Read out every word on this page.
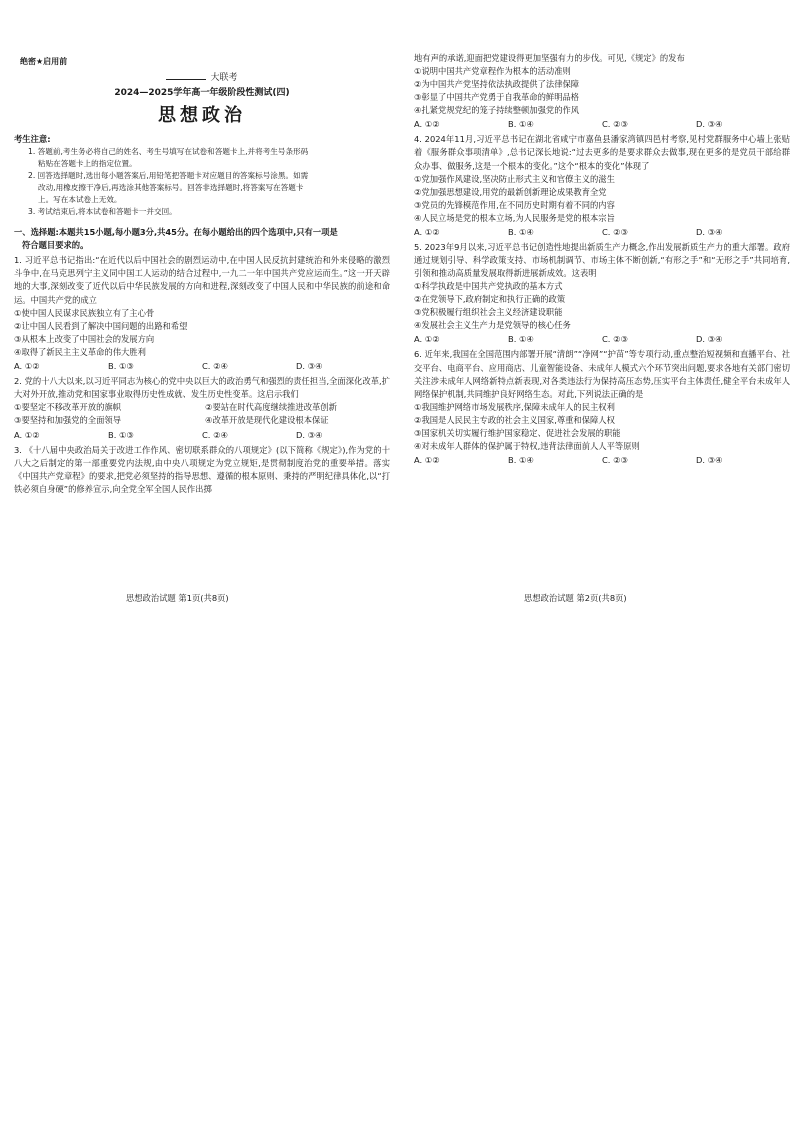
绝密★启用前
大联考
2024—2025学年高一年级阶段性测试(四)
思想政治
考生注意:
1. 答题前,考生务必将自己的姓名、考生号填写在试卷和答题卡上,并将考生号条形码
粘贴在答题卡上的指定位置。
2. 回答选择题时,选出每小题答案后,用铅笔把答题卡对应题目的答案标号涂黑。如需
改动,用橡皮擦干净后,再选涂其他答案标号。回答非选择题时,将答案写在答题卡
上。写在本试卷上无效。
3. 考试结束后,将本试卷和答题卡一并交回。
一、选择题:本题共15小题,每小题3分,共45分。在每小题给出的四个选项中,只有一项是
符合题目要求的。
1. 习近平总书记指出:“在近代以后中国社会的剧烈运动中,在中国人民反抗封建统治和外来侵略的激烈斗争中,在马克思列宁主义同中国工人运动的结合过程中,一九二一年中国共产党应运而生。”这一开天辟地的大事,深刻改变了近代以后中华民族发展的方向和进程,深刻改变了中国人民和中华民族的前途和命运。中国共产党的成立
①使中国人民谋求民族独立有了主心骨
②让中国人民看到了解决中国问题的出路和希望
③从根本上改变了中国社会的发展方向
④取得了新民主主义革命的伟大胜利
A. ①②	B. ①③	C. ②④	D. ③④
2. 党的十八大以来,以习近平同志为核心的党中央以巨大的政治勇气和强烈的责任担当,全面深化改革,扩大对外开放,推动党和国家事业取得历史性成就、发生历史性变革。这启示我们
①要坚定不移改革开放的旗帜	②要站在时代高度继续推进改革创新
③要坚持和加强党的全面领导	④改革开放是现代化建设根本保证
A. ①②	B. ①③	C. ②④	D. ③④
3. 《十八届中央政治局关于改进工作作风、密切联系群众的八项规定》(以下简称《规定》),作为党的十八大之后制定的第一部重要党内法规,由中央八项规定为党立规矩,是贯彻制度治党的重要举措。落实《中国共产党章程》的要求,把党必须坚持的指导思想、遵循的根本原则、秉持的严明纪律具体化,以“打铁必须自身硬”的修养宣示,向全党全军全国人民作出掷
地有声的承诺,迎面把党建设得更加坚强有力的步伐。可见,《规定》的发布
①说明中国共产党章程作为根本的活动准则
②为中国共产党坚持依法执政提供了法律保障
③彰显了中国共产党勇于自我革命的鲜明品格
④扎紧党规党纪的笼子持续整顿加强党的作风
A. ①②	B. ①④	C. ②③	D. ③④
4. 2024年11月,习近平总书记在湖北省咸宁市嘉鱼县潘家湾镇四邑村考察,见村党群服务中心墙上张贴着《服务群众事项清单》,总书记深长地说:“过去更多的是要求群众去做事,现在更多的是党员干部给群众办事、做服务,这是一个根本的变化。”这个“根本的变化”体现了
①党加强作风建设,坚决防止形式主义和官僚主义的滋生
②党加强思想建设,用党的最新创新理论成果教育全党
③党员的先锋模范作用,在不同历史时期有着不同的内容
④人民立场是党的根本立场,为人民服务是党的根本宗旨
A. ①②	B. ①④	C. ②③	D. ③④
5. 2023年9月以来,习近平总书记创造性地提出新质生产力概念,作出发展新质生产力的重大部署。政府通过规划引导、科学政策支持、市场机制调节、市场主体不断创新,“有形之手”和“无形之手”共同培育,引领和推动高质量发展取得新进展新成效。这表明
①科学执政是中国共产党执政的基本方式
②在党领导下,政府制定和执行正确的政策
③党积极履行组织社会主义经济建设职能
④发展社会主义生产力是党领导的核心任务
A. ①②	B. ①④	C. ②③	D. ③④
6. 近年来,我国在全国范围内部署开展“清朗”“净网”“护苗”等专项行动,重点整治短视频和直播平台、社交平台、电商平台、应用商店、儿童智能设备、未成年人模式六个环节突出问题,要求各地有关部门密切关注涉未成年人网络新特点新表现,对各类违法行为保持高压态势,压实平台主体责任,健全平台未成年人网络保护机制,共同维护良好网络生态。对此,下列说法正确的是
①我国维护网络市场发展秩序,保障未成年人的民主权利
②我国是人民民主专政的社会主义国家,尊重和保障人权
③国家机关切实履行维护国家稳定、促进社会发展的职能
④对未成年人群体的保护属于特权,违背法律面前人人平等原则
A. ①②	B. ①④	C. ②③	D. ③④
思想政治试题 第1页(共8页)	思想政治试题 第2页(共8页)
